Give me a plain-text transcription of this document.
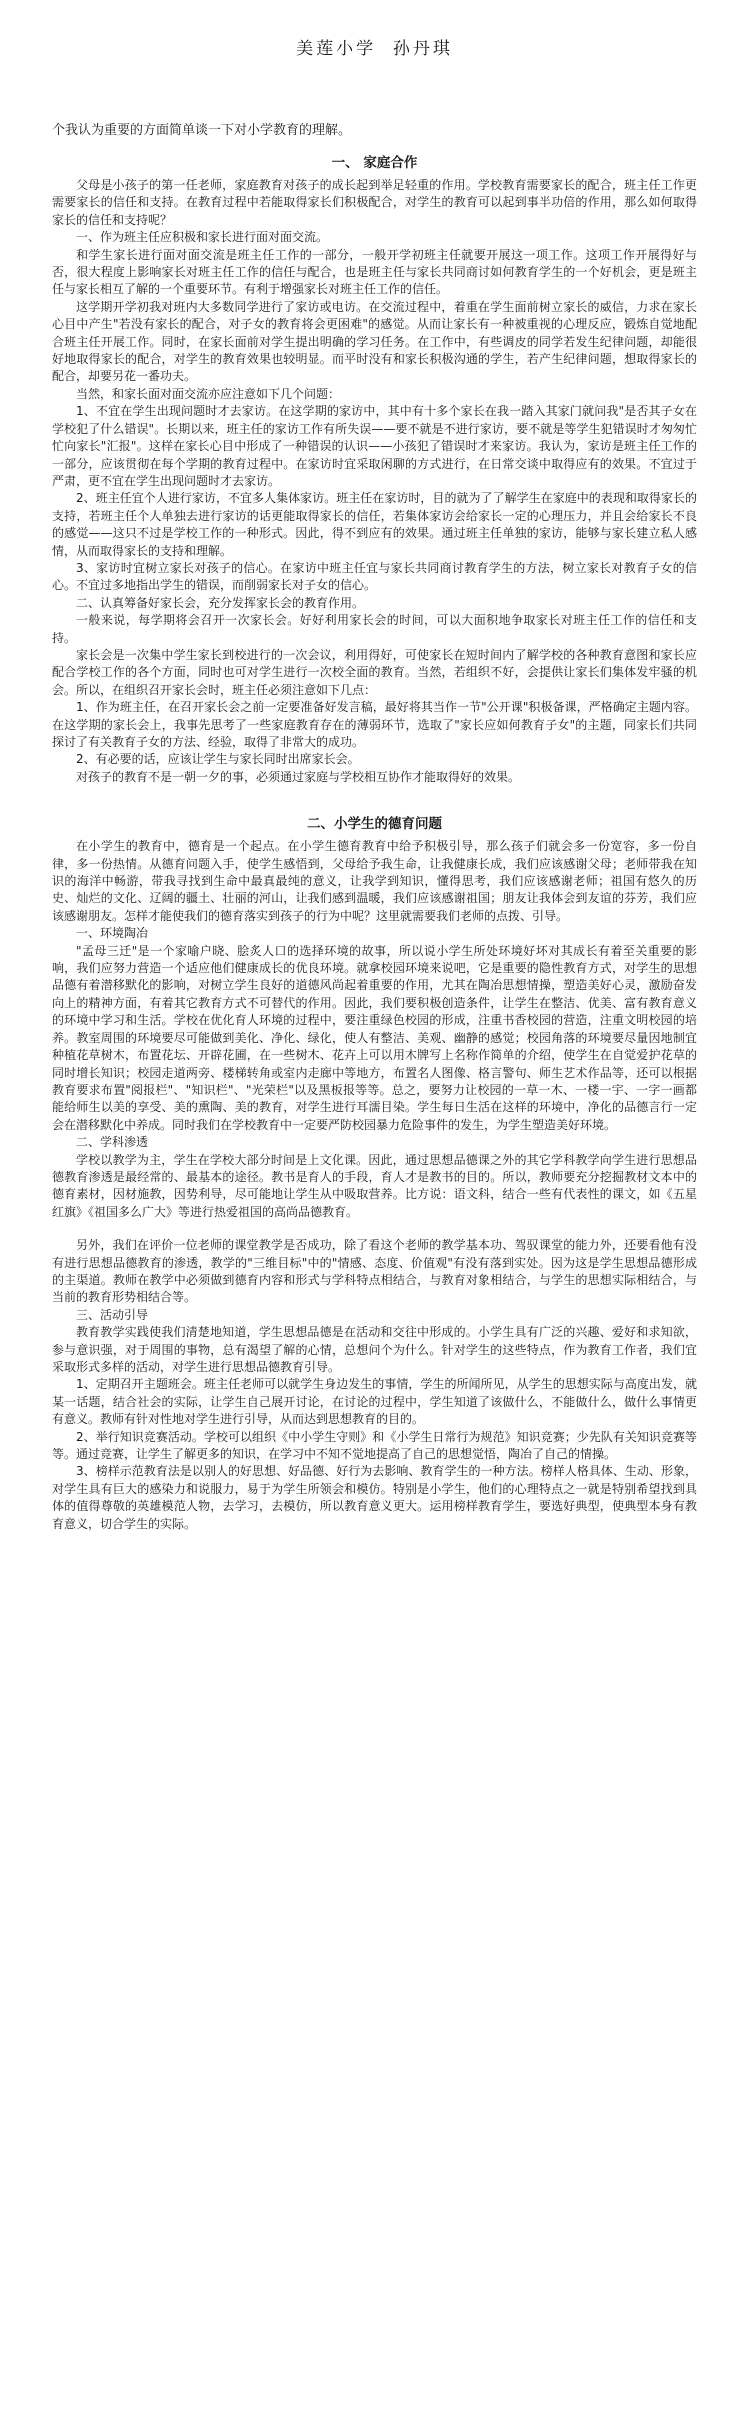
美莲小学  孙丹琪
个我认为重要的方面简单谈一下对小学教育的理解。
一、 家庭合作

父母是小孩子的第一任老师，家庭教育对孩子的成长起到举足轻重的作用。学校教育需要家长的配合，班主任工作更需要家长的信任和支持。在教育过程中若能取得家长们积极配合，对学生的教育可以起到事半功倍的作用，那么如何取得家长的信任和支持呢？

一、作为班主任应积极和家长进行面对面交流。

和学生家长进行面对面交流是班主任工作的一部分，一般开学初班主任就要开展这一项工作。这项工作开展得好与否，很大程度上影响家长对班主任工作的信任与配合，也是班主任与家长共同商讨如何教育学生的一个好机会，更是班主任与家长相互了解的一个重要环节。有利于增强家长对班主任工作的信任。

这学期开学初我对班内大多数同学进行了家访或电访。在交流过程中，着重在学生面前树立家长的威信，力求在家长心目中产生"若没有家长的配合，对子女的教育将会更困难"的感觉。从而让家长有一种被重视的心理反应，锻炼自觉地配合班主任开展工作。同时，在家长面前对学生提出明确的学习任务。在工作中，有些调皮的同学若发生纪律问题，却能很好地取得家长的配合，对学生的教育效果也较明显。而平时没有和家长积极沟通的学生，若产生纪律问题，想取得家长的配合，却要另花一番功夫。

当然，和家长面对面交流亦应注意如下几个问题：

1、不宜在学生出现问题时才去家访。在这学期的家访中，其中有十多个家长在我一踏入其家门就问我"是否其子女在学校犯了什么错误"。长期以来，班主任的家访工作有所失误——要不就是不进行家访，要不就是等学生犯错误时才匆匆忙忙向家长"汇报"。这样在家长心目中形成了一种错误的认识——小孩犯了错误时才来家访。我认为，家访是班主任工作的一部分，应该贯彻在每个学期的教育过程中。在家访时宜采取闲聊的方式进行，在日常交谈中取得应有的效果。不宜过于严肃，更不宜在学生出现问题时才去家访。

2、班主任宜个人进行家访，不宜多人集体家访。班主任在家访时，目的就为了了解学生在家庭中的表现和取得家长的支持，若班主任个人单独去进行家访的话更能取得家长的信任，若集体家访会给家长一定的心理压力，并且会给家长不良的感觉——这只不过是学校工作的一种形式。因此，得不到应有的效果。通过班主任单独的家访，能够与家长建立私人感情，从而取得家长的支持和理解。

3、家访时宜树立家长对孩子的信心。在家访中班主任宜与家长共同商讨教育学生的方法，树立家长对教育子女的信心。不宜过多地指出学生的错误，而削弱家长对子女的信心。

二、认真筹备好家长会，充分发挥家长会的教育作用。

一般来说，每学期将会召开一次家长会。好好利用家长会的时间，可以大面积地争取家长对班主任工作的信任和支持。

家长会是一次集中学生家长到校进行的一次会议，利用得好，可使家长在短时间内了解学校的各种教育意图和家长应配合学校工作的各个方面，同时也可对学生进行一次校全面的教育。当然，若组织不好，会提供让家长们集体发牢骚的机会。所以，在组织召开家长会时，班主任必须注意如下几点：

1、作为班主任，在召开家长会之前一定要准备好发言稿，最好将其当作一节"公开课"积极备课，严格确定主题内容。在这学期的家长会上，我事先思考了一些家庭教育存在的薄弱环节，选取了"家长应如何教育子女"的主题，同家长们共同探讨了有关教育子女的方法、经验，取得了非常大的成功。

2、有必要的话，应该让学生与家长同时出席家长会。

对孩子的教育不是一朝一夕的事，必须通过家庭与学校相互协作才能取得好的效果。

二、小学生的德育问题

在小学生的教育中，德育是一个起点。在小学生德育教育中给予积极引导，那么孩子们就会多一份宽容，多一份自律，多一份热情。从德育问题入手，使学生感悟到，父母给予我生命，让我健康长成，我们应该感谢父母；老师带我在知识的海洋中畅游，带我寻找到生命中最真最纯的意义，让我学到知识，懂得思考，我们应该感谢老师；祖国有悠久的历史、灿烂的文化、辽阔的疆土、壮丽的河山，让我们感到温暖，我们应该感谢祖国；朋友让我体会到友谊的芬芳，我们应该感谢朋友。怎样才能使我们的德育落实到孩子的行为中呢？这里就需要我们老师的点拨、引导。

一、环境陶冶

"孟母三迁"是一个家喻户晓、脍炙人口的选择环境的故事，所以说小学生所处环境好坏对其成长有着至关重要的影响，我们应努力营造一个适应他们健康成长的优良环境。就拿校园环境来说吧，它是重要的隐性教育方式，对学生的思想品德有着潜移默化的影响，对树立学生良好的道德风尚起着重要的作用，尤其在陶冶思想情操，塑造美好心灵，激励奋发向上的精神方面，有着其它教育方式不可替代的作用。因此，我们要积极创造条件，让学生在整洁、优美、富有教育意义的环境中学习和生活。学校在优化育人环境的过程中，要注重绿色校园的形成，注重书香校园的营造，注重文明校园的培养。教室周围的环境要尽可能做到美化、净化、绿化，使人有整洁、美观、幽静的感觉；校园角落的环境要尽量因地制宜种植花草树木，布置花坛、开辟花圃，在一些树木、花卉上可以用木牌写上名称作简单的介绍，使学生在自觉爱护花草的同时增长知识；校园走道两旁、楼梯转角或室内走廊中等地方，布置名人图像、格言警句、师生艺术作品等，还可以根据教育要求布置"阅报栏"、"知识栏"、"光荣栏"以及黑板报等等。总之，要努力让校园的一草一木、一楼一宇、一字一画都能给师生以美的享受、美的熏陶、美的教育，对学生进行耳濡目染。学生每日生活在这样的环境中，净化的品德言行一定会在潜移默化中养成。同时我们在学校教育中一定要严防校园暴力危险事件的发生，为学生塑造美好环境。

二、学科渗透

学校以教学为主，学生在学校大部分时间是上文化课。因此，通过思想品德课之外的其它学科教学向学生进行思想品德教育渗透是最经常的、最基本的途径。教书是育人的手段，育人才是教书的目的。所以，教师要充分挖掘教材文本中的德育素材，因材施教，因势利导，尽可能地让学生从中吸取营养。比方说：语文科，结合一些有代表性的课文，如《五星红旗》《祖国多么广大》等进行热爱祖国的高尚品德教育。

另外，我们在评价一位老师的课堂教学是否成功，除了看这个老师的教学基本功、驾驭课堂的能力外，还要看他有没有进行思想品德教育的渗透，教学的"三维目标"中的"情感、态度、价值观"有没有落到实处。因为这是学生思想品德形成的主渠道。教师在教学中必须做到德育内容和形式与学科特点相结合，与教育对象相结合，与学生的思想实际相结合，与当前的教育形势相结合等。

三、活动引导

教育教学实践使我们清楚地知道，学生思想品德是在活动和交往中形成的。小学生具有广泛的兴趣、爱好和求知欲，参与意识强，对于周围的事物，总有渴望了解的心情，总想问个为什么。针对学生的这些特点，作为教育工作者，我们宜采取形式多样的活动，对学生进行思想品德教育引导。

1、定期召开主题班会。班主任老师可以就学生身边发生的事情，学生的所闻所见，从学生的思想实际与高度出发，就某一话题，结合社会的实际，让学生自己展开讨论，在讨论的过程中，学生知道了该做什么，不能做什么，做什么事情更有意义。教师有针对性地对学生进行引导，从而达到思想教育的目的。

2、举行知识竞赛活动。学校可以组织《中小学生守则》和《小学生日常行为规范》知识竞赛；少先队有关知识竞赛等等。通过竞赛，让学生了解更多的知识，在学习中不知不觉地提高了自己的思想觉悟，陶冶了自己的情操。

3、榜样示范教育法是以别人的好思想、好品德、好行为去影响、教育学生的一种方法。榜样人格具体、生动、形象，对学生具有巨大的感染力和说服力，易于为学生所领会和模仿。特别是小学生，他们的心理特点之一就是特别希望找到具体的值得尊敬的英雄模范人物，去学习，去模仿，所以教育意义更大。运用榜样教育学生，要选好典型，使典型本身有教育意义，切合学生的实际。
